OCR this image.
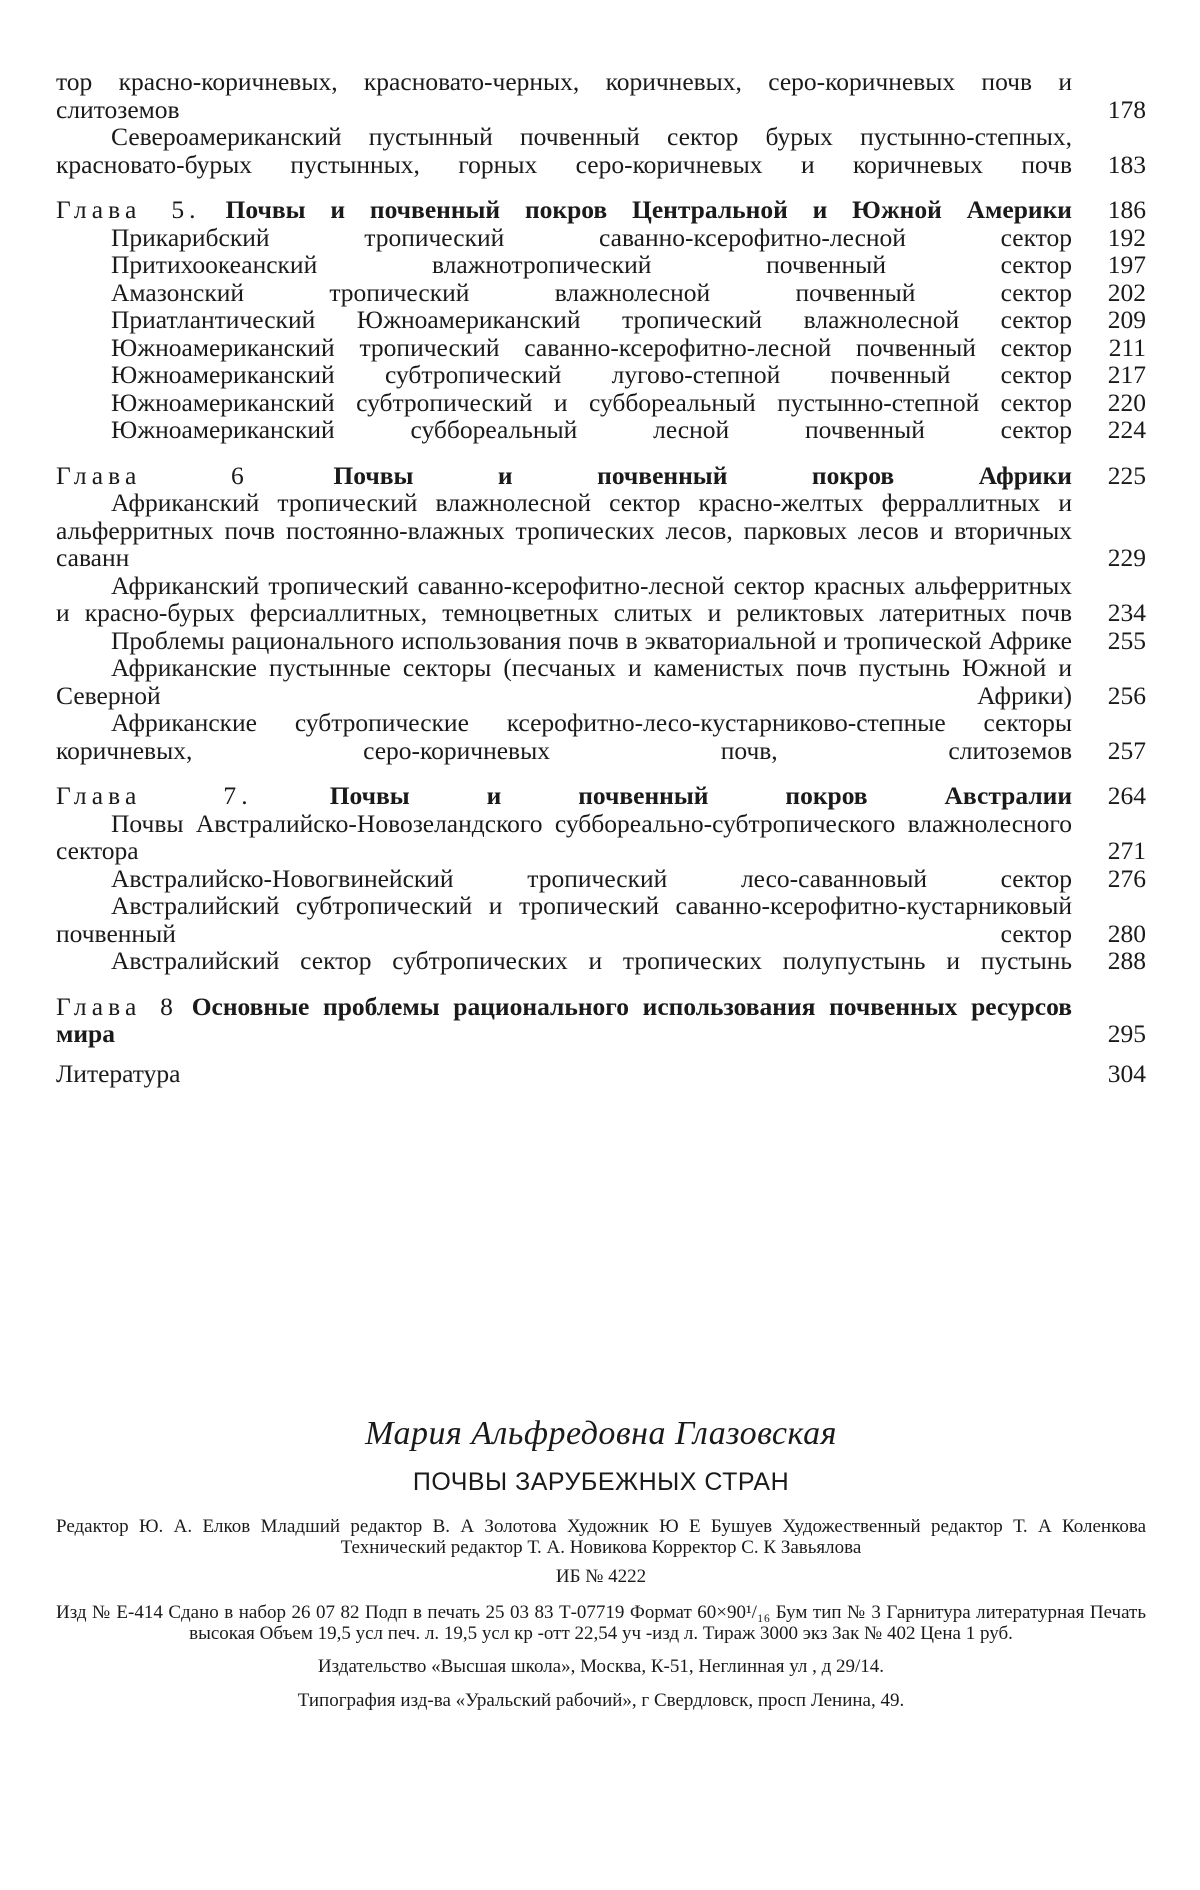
тор красно-коричневых, красновато-черных, коричневых, серо-коричневых почв и слитоземов	178
Североамериканский пустынный почвенный сектор бурых пустынно-степных, красновато-бурых пустынных, горных серо-коричневых и коричневых почв	183
Глава 5. Почвы и почвенный покров Центральной и Южной Америки	186
Прикарибский тропический саванно-ксерофитно-лесной сектор	192
Притихоокеанский влажнотропический почвенный сектор	197
Амазонский тропический влажнолесной почвенный сектор	202
Приатлантический Южноамериканский тропический влажнолесной сектор	209
Южноамериканский тропический саванно-ксерофитно-лесной почвенный сектор	211
Южноамериканский субтропический лугово-степной почвенный сектор	217
Южноамериканский субтропический и суббореальный пустынно-степной сектор	220
Южноамериканский суббореальный лесной почвенный сектор	224
Глава 6	Почвы и почвенный покров Африки	225
Африканский тропический влажнолесной сектор красно-желтых ферраллитных и альферритных почв постоянно-влажных тропических лесов, парковых лесов и вторичных саванн	229
Африканский тропический саванно-ксерофитно-лесной сектор красных альферритных и красно-бурых ферсиаллитных, темноцветных слитых и реликтовых латеритных почв	234
Проблемы рационального использования почв в экваториальной и тропической Африке	255
Африканские пустынные секторы (песчаных и каменистых почв пустынь Южной и Северной Африки)	256
Африканские субтропические ксерофитно-лесо-кустарниково-степные секторы коричневых, серо-коричневых почв, слитоземов	257
Глава 7.	Почвы и почвенный покров Австралии	264
Почвы Австралийско-Новозеландского суббореально-субтропического влажнолесного сектора	271
Австралийско-Новогвинейский тропический лесо-саванновый сектор	276
Австралийский субтропический и тропический саванно-ксерофитно-кустарниковый почвенный сектор	280
Австралийский сектор субтропических и тропических полупустынь и пустынь	288
Глава 8 Основные проблемы рационального использования почвенных ресурсов мира	295
Литература	304

Мария Альфредовна Глазовская

ПОЧВЫ ЗАРУБЕЖНЫХ СТРАН

Редактор Ю. А. Елков Младший редактор В. А Золотова Художник Ю Е Бушуев Художественный редактор Т. А Коленкова Технический редактор Т. А. Новикова Корректор С. К Завьялова

ИБ № 4222

Изд № Е-414 Сдано в набор 26 07 82 Подп в печать 25 03 83 Т-07719 Формат 60×90¹/₁₆ Бум тип № 3 Гарнитура литературная Печать высокая Объем 19,5 усл печ. л. 19,5 усл кр -отт 22,54 уч -изд л. Тираж 3000 экз Зак № 402 Цена 1 руб.

Издательство «Высшая школа», Москва, К-51, Неглинная ул , д 29/14.

Типография изд-ва «Уральский рабочий», г Свердловск, просп Ленина, 49.
